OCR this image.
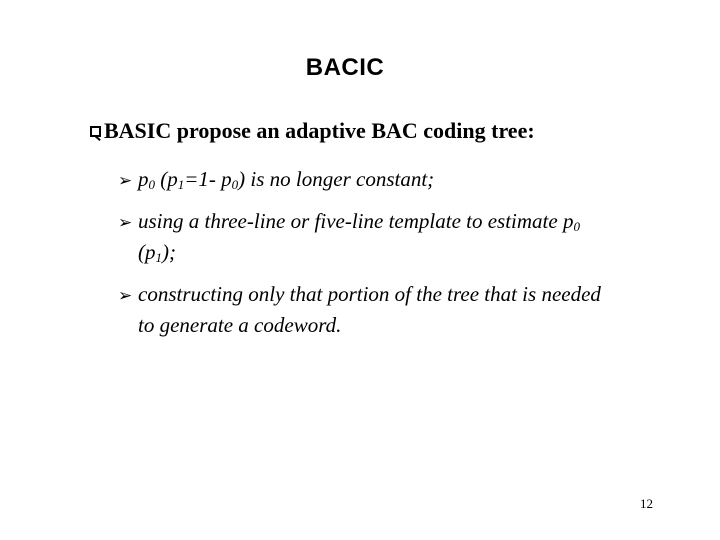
BACIC
BASIC propose an adaptive BAC coding tree:
➢ $p_0$ ($p_1=1-$ $p_0$) is no longer constant;
➢ using a three-line or five-line template to estimate $p_0$
$(p_1)$;
➢ constructing only that portion of the tree that is needed
to generate a codeword.
12
